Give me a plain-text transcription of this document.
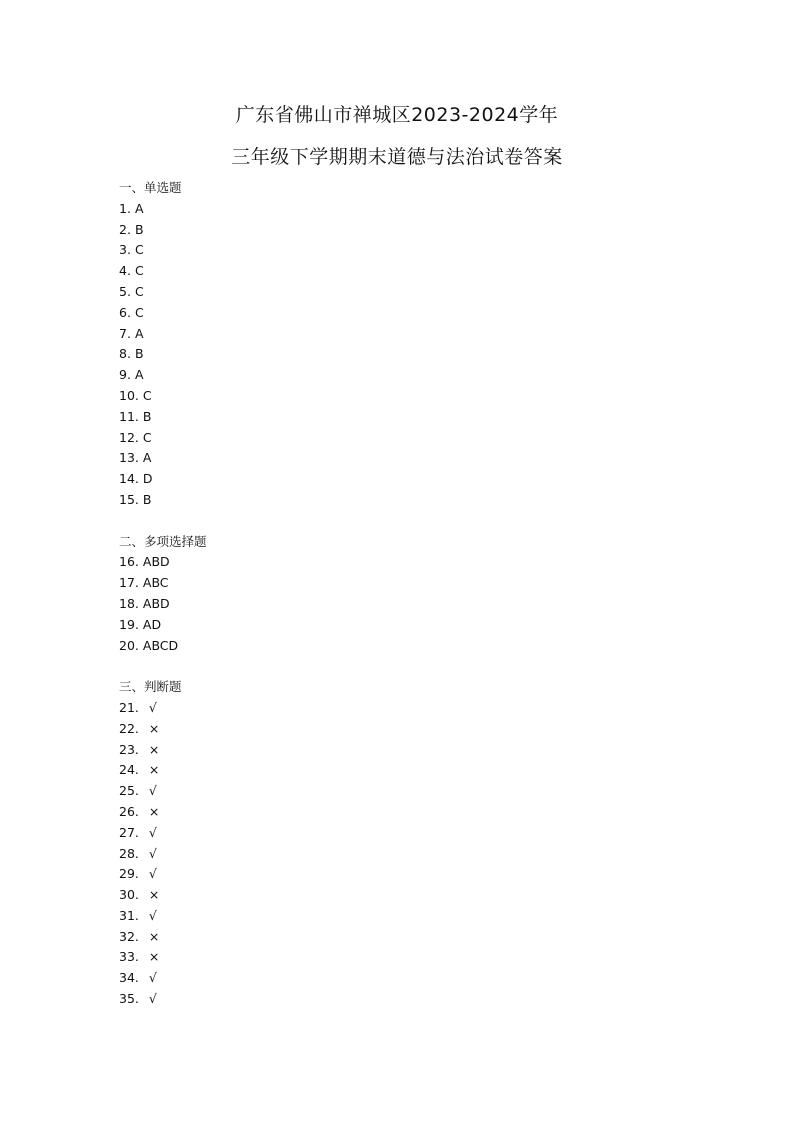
广东省佛山市禅城区2023-2024学年
三年级下学期期末道德与法治试卷答案
一、单选题
1. A
2. B
3. C
4. C
5. C
6. C
7. A
8. B
9. A
10. C
11. B
12. C
13. A
14. D
15. B
二、多项选择题
16. ABD
17. ABC
18. ABD
19. AD
20. ABCD
三、判断题
21. √
22. ×
23. ×
24. ×
25. √
26. ×
27. √
28. √
29. √
30. ×
31. √
32. ×
33. ×
34. √
35. √
